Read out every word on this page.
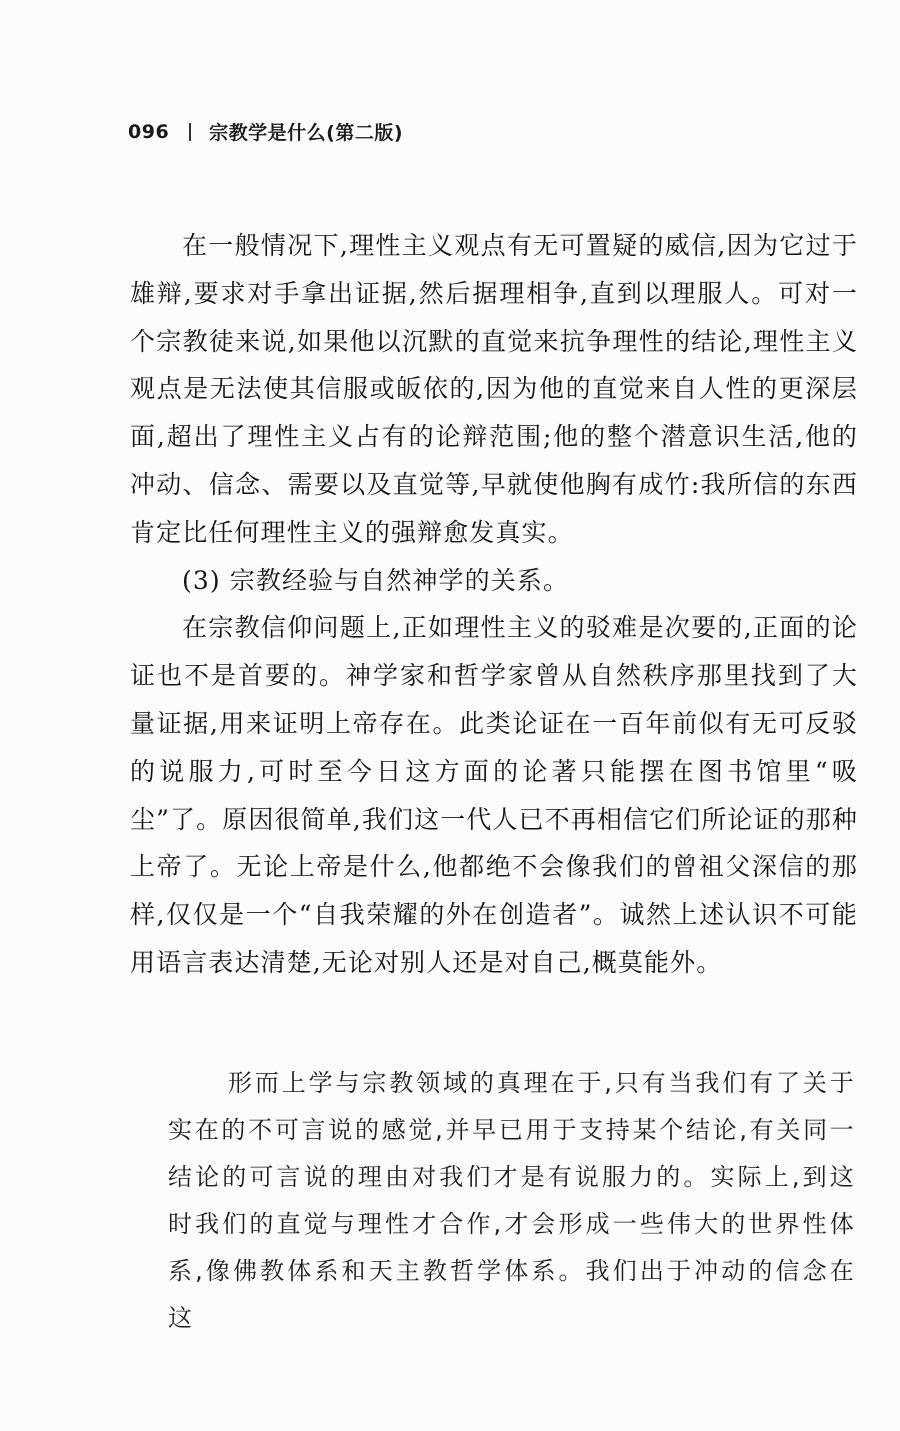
096 宗教学是什么(第二版)

在一般情况下,理性主义观点有无可置疑的威信,因为它过于雄辩,要求对手拿出证据,然后据理相争,直到以理服人。可对一个宗教徒来说,如果他以沉默的直觉来抗争理性的结论,理性主义观点是无法使其信服或皈依的,因为他的直觉来自人性的更深层面,超出了理性主义占有的论辩范围;他的整个潜意识生活,他的冲动、信念、需要以及直觉等,早就使他胸有成竹:我所信的东西肯定比任何理性主义的强辩愈发真实。

(3) 宗教经验与自然神学的关系。

在宗教信仰问题上,正如理性主义的驳难是次要的,正面的论证也不是首要的。神学家和哲学家曾从自然秩序那里找到了大量证据,用来证明上帝存在。此类论证在一百年前似有无可反驳的说服力,可时至今日这方面的论著只能摆在图书馆里“吸尘”了。原因很简单,我们这一代人已不再相信它们所论证的那种上帝了。无论上帝是什么,他都绝不会像我们的曾祖父深信的那样,仅仅是一个“自我荣耀的外在创造者”。诚然上述认识不可能用语言表达清楚,无论对别人还是对自己,概莫能外。

形而上学与宗教领域的真理在于,只有当我们有了关于实在的不可言说的感觉,并早已用于支持某个结论,有关同一结论的可言说的理由对我们才是有说服力的。实际上,到这时我们的直觉与理性才合作,才会形成一些伟大的世界性体系,像佛教体系和天主教哲学体系。我们出于冲动的信念在这
